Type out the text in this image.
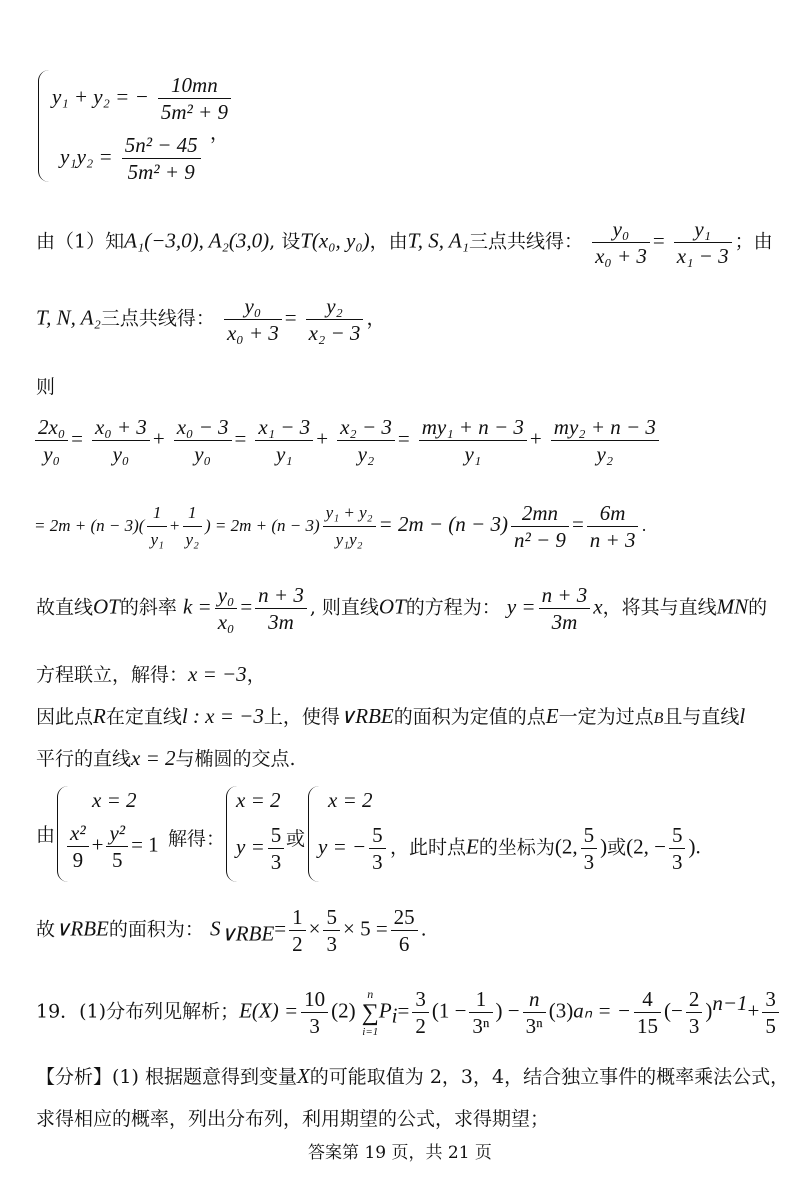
y₁ + y₂ = − $\frac{10mn}{\text{5m² + 9}}$
$y_1y_2 = \frac{\text{5n² − 45}}{\text{5m² + 9}}$ ，
由（1）知A₁(−3,0), A₂(3,0), 设T(x₀, y₀)，由T, S, A₁三点共线得： $\frac{\text{y₀}}{\text{x₀ + 3}} = \frac{\text{y₁}}{\text{x₁ − 3}}$ ；由
T, N, A₂三点共线得： $\frac{\text{y₀}}{\text{x₀ + 3}} = \frac{\text{y₂}}{\text{x₂ − 3}}$ ，
则
$\frac{\text{2x₀}}{\text{y₀}} = \frac{\text{x₀ + 3}}{\text{y₀}} + \frac{\text{x₀ − 3}}{\text{y₀}} = \frac{\text{x₁ − 3}}{\text{y₁}} + \frac{\text{x₂ − 3}}{\text{y₂}} = \frac{\text{my₁ + n − 3}}{\text{y₁}} + \frac{\text{my₂ + n − 3}}{\text{y₂}}$
= $2m + (n - 3)( \frac{1}{\text{y₁}} + \frac{1}{\text{y₂}}$ ) = $2m + (n - 3) \frac{\text{y₁ + y₂}}{\text{y₁y₂}} = 2m - (n - 3) \frac{2mn}{\text{n² − 9}} = \frac{6m}{n + 3}$ .
故直线OT的斜率 $k = \frac{\text{y₀}}{\text{x₀}} = \frac{n + 3}{3m}$ , 则直线OT的方程为： $y = \frac{n + 3}{3m}$ x，将其与直线MN的
方程联立，解得：x = −3，
因此点R在定直线l : x = −3上，使得∨RBE的面积为定值的点E一定为过点B且与直线l
平行的直线x = 2与椭圆的交点.
由
x = 2
$\frac{\text{x²}}{9} + \frac{\text{y²}}{5} = 1$ 解得：
x = 2
$y = \frac{5}{3}$ 或
x = 2
y = − $\frac{5}{3}$ ，此时点E的坐标为(2, $\frac{5}{3}$ )或(2, − $\frac{5}{3}$ ).
故∨RBE的面积为： $S_{\vee RBE}= \frac{1}{2} \times \frac{5}{3} \times 5 = \frac{25}{6}$ .
19．(1)分布列见解析；$E(X) = \frac{10}{3} (2)$
n
∑
i=1
$P_i= \frac{3}{2} (1 - \frac{1}{\text{3ⁿ}}$ ) − $\frac{n}{\text{3ⁿ}} (3)a_n$ = − $\frac{4}{15}$ (− $\frac{2}{3} )^{n-1}+ \frac{3}{5}$
【分析】(1) 根据题意得到变量X的可能取值为 2，3，4，结合独立事件的概率乘法公式，
求得相应的概率，列出分布列，利用期望的公式，求得期望；
答案第 19 页，共 21 页
